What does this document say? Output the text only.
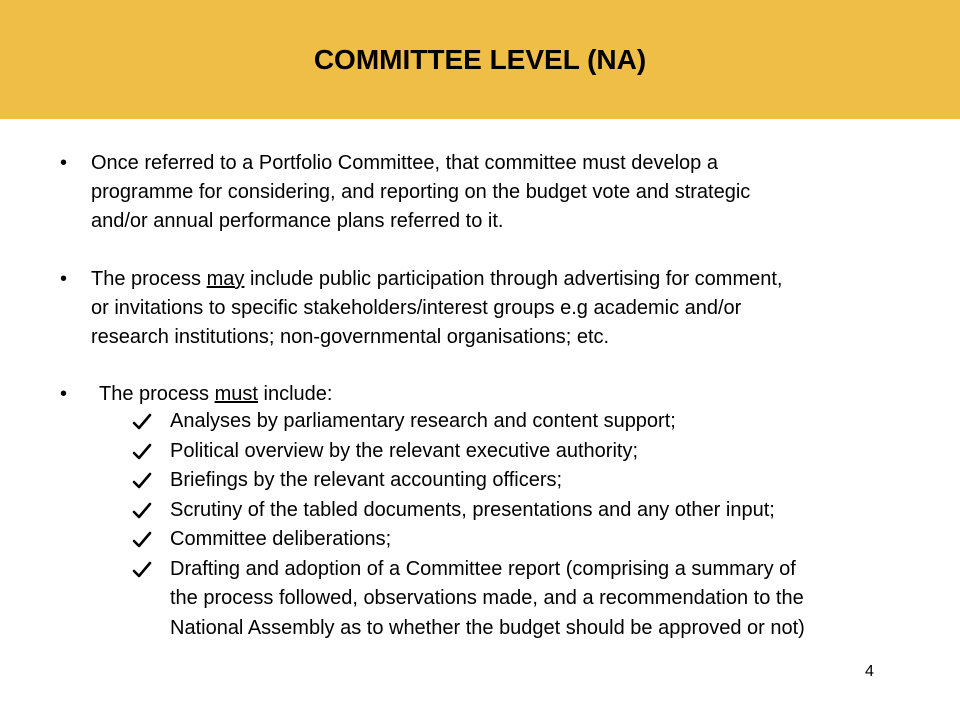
COMMITTEE LEVEL (NA)
• Once referred to a Portfolio Committee, that committee must develop a
programme for considering, and reporting on the budget vote and strategic
and/or annual performance plans referred to it.
• The process may include public participation through advertising for comment,
or invitations to specific stakeholders/interest groups e.g academic and/or
research institutions; non-governmental organisations; etc.
• The process must include:
Analyses by parliamentary research and content support;
Political overview by the relevant executive authority;
Briefings by the relevant accounting officers;
Scrutiny of the tabled documents, presentations and any other input;
Committee deliberations;
Drafting and adoption of a Committee report (comprising a summary of
the process followed, observations made, and a recommendation to the
National Assembly as to whether the budget should be approved or not)
4
